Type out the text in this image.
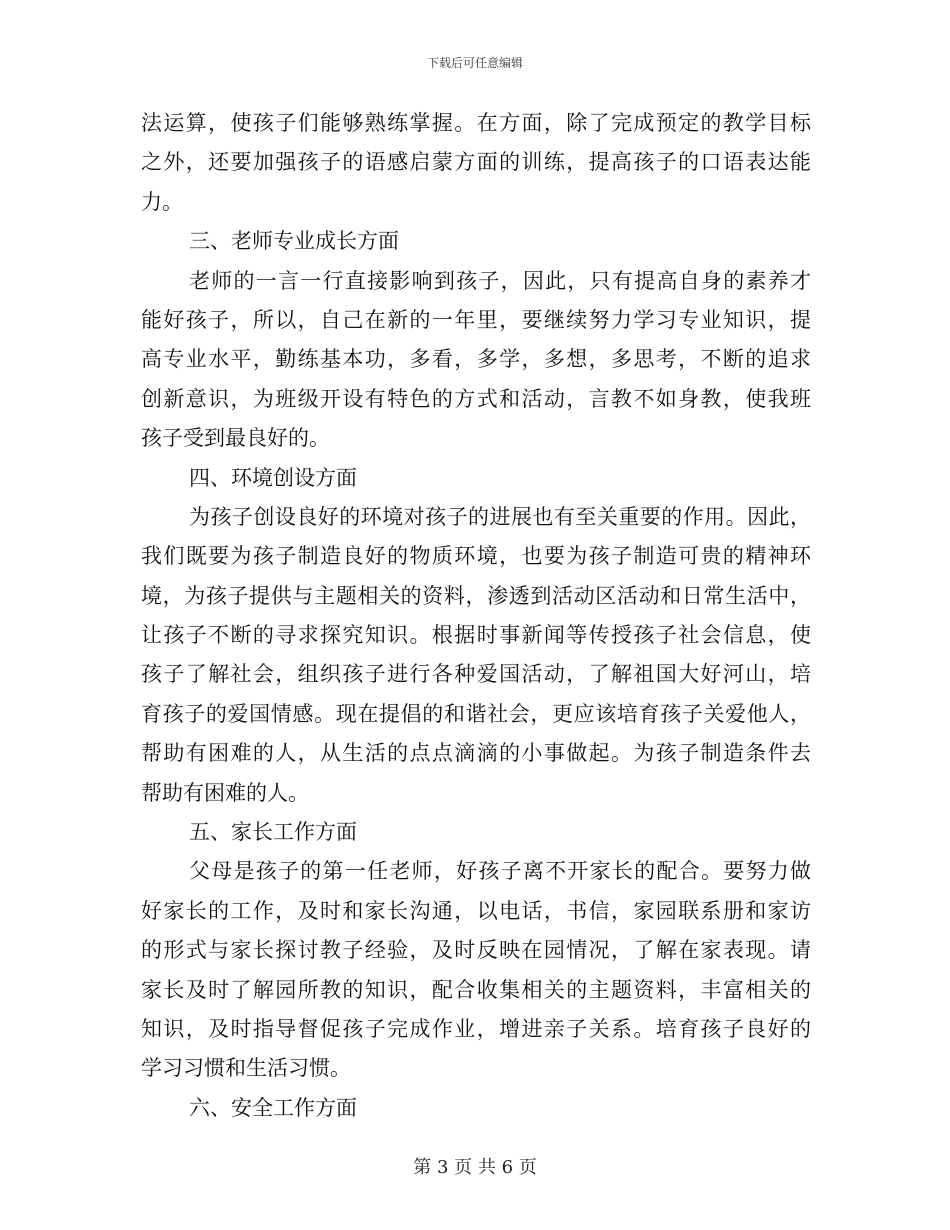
下载后可任意编辑
法运算，使孩子们能够熟练掌握。在方面，除了完成预定的教学目标
之外，还要加强孩子的语感启蒙方面的训练，提高孩子的口语表达能
力。
三、老师专业成长方面
老师的一言一行直接影响到孩子，因此，只有提高自身的素养才
能好孩子，所以，自己在新的一年里，要继续努力学习专业知识，提
高专业水平，勤练基本功，多看，多学，多想，多思考，不断的追求
创新意识，为班级开设有特色的方式和活动，言教不如身教，使我班
孩子受到最良好的。
四、环境创设方面
为孩子创设良好的环境对孩子的进展也有至关重要的作用。因此，
我们既要为孩子制造良好的物质环境，也要为孩子制造可贵的精神环
境，为孩子提供与主题相关的资料，渗透到活动区活动和日常生活中，
让孩子不断的寻求探究知识。根据时事新闻等传授孩子社会信息，使
孩子了解社会，组织孩子进行各种爱国活动，了解祖国大好河山，培
育孩子的爱国情感。现在提倡的和谐社会，更应该培育孩子关爱他人，
帮助有困难的人，从生活的点点滴滴的小事做起。为孩子制造条件去
帮助有困难的人。
五、家长工作方面
父母是孩子的第一任老师，好孩子离不开家长的配合。要努力做
好家长的工作，及时和家长沟通，以电话，书信，家园联系册和家访
的形式与家长探讨教子经验，及时反映在园情况，了解在家表现。请
家长及时了解园所教的知识，配合收集相关的主题资料，丰富相关的
知识，及时指导督促孩子完成作业，增进亲子关系。培育孩子良好的
学习习惯和生活习惯。
六、安全工作方面
第 3 页 共 6 页
